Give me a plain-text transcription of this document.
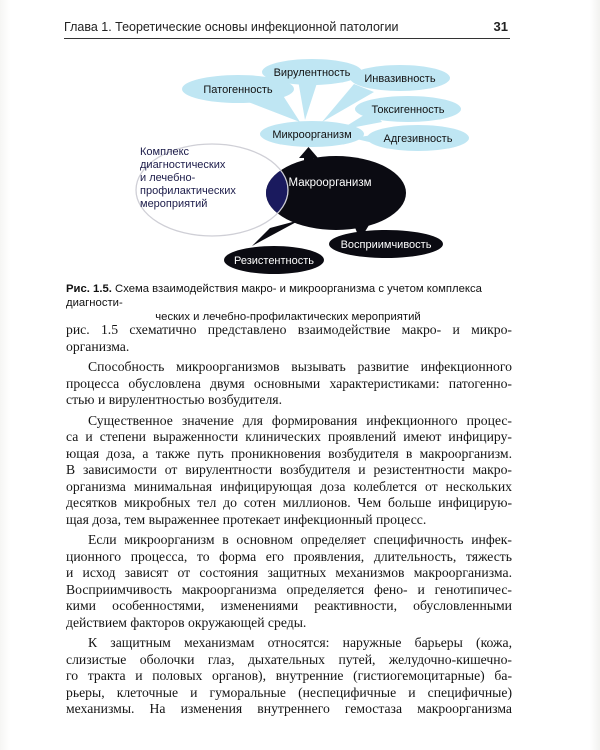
Глава 1. Теоретические основы инфекционной патологии	31
Патогенность
Вирулентность Инвазивность
Токсигенность
Адгезивность
Микроорганизм
Макроорганизм
Комплекс
диагностических
и лечебно-
профилактических
мероприятий
Резистентность
Восприимчивость
Рис. 1.5. Схема взаимодействия макро- и микроорганизма с учетом комплекса диагности-
ческих и лечебно-профилактических мероприятий

рис. 1.5 схематично представлено взаимодействие макро- и микро-
организма.

Способность микроорганизмов вызывать развитие инфекционного
процесса обусловлена двумя основными характеристиками: патогенно-
стью и вирулентностью возбудителя.

Существенное значение для формирования инфекционного процес-
са и степени выраженности клинических проявлений имеют инфициру-
ющая доза, а также путь проникновения возбудителя в макроорганизм.
В зависимости от вирулентности возбудителя и резистентности макро-
организма минимальная инфицирующая доза колеблется от нескольких
десятков микробных тел до сотен миллионов. Чем больше инфицирую-
щая доза, тем выраженнее протекает инфекционный процесс.

Если микроорганизм в основном определяет специфичность инфек-
ционного процесса, то форма его проявления, длительность, тяжесть
и исход зависят от состояния защитных механизмов макроорганизма.
Восприимчивость макроорганизма определяется фено- и генотипичес-
кими особенностями, изменениями реактивности, обусловленными
действием факторов окружающей среды.

К защитным механизмам относятся: наружные барьеры (кожа,
слизистые оболочки глаз, дыхательных путей, желудочно-кишечно-
го тракта и половых органов), внутренние (гистиогемоцитарные) ба-
рьеры, клеточные и гуморальные (неспецифичные и специфичные)
механизмы. На изменения внутреннего гемостаза макроорганизма
